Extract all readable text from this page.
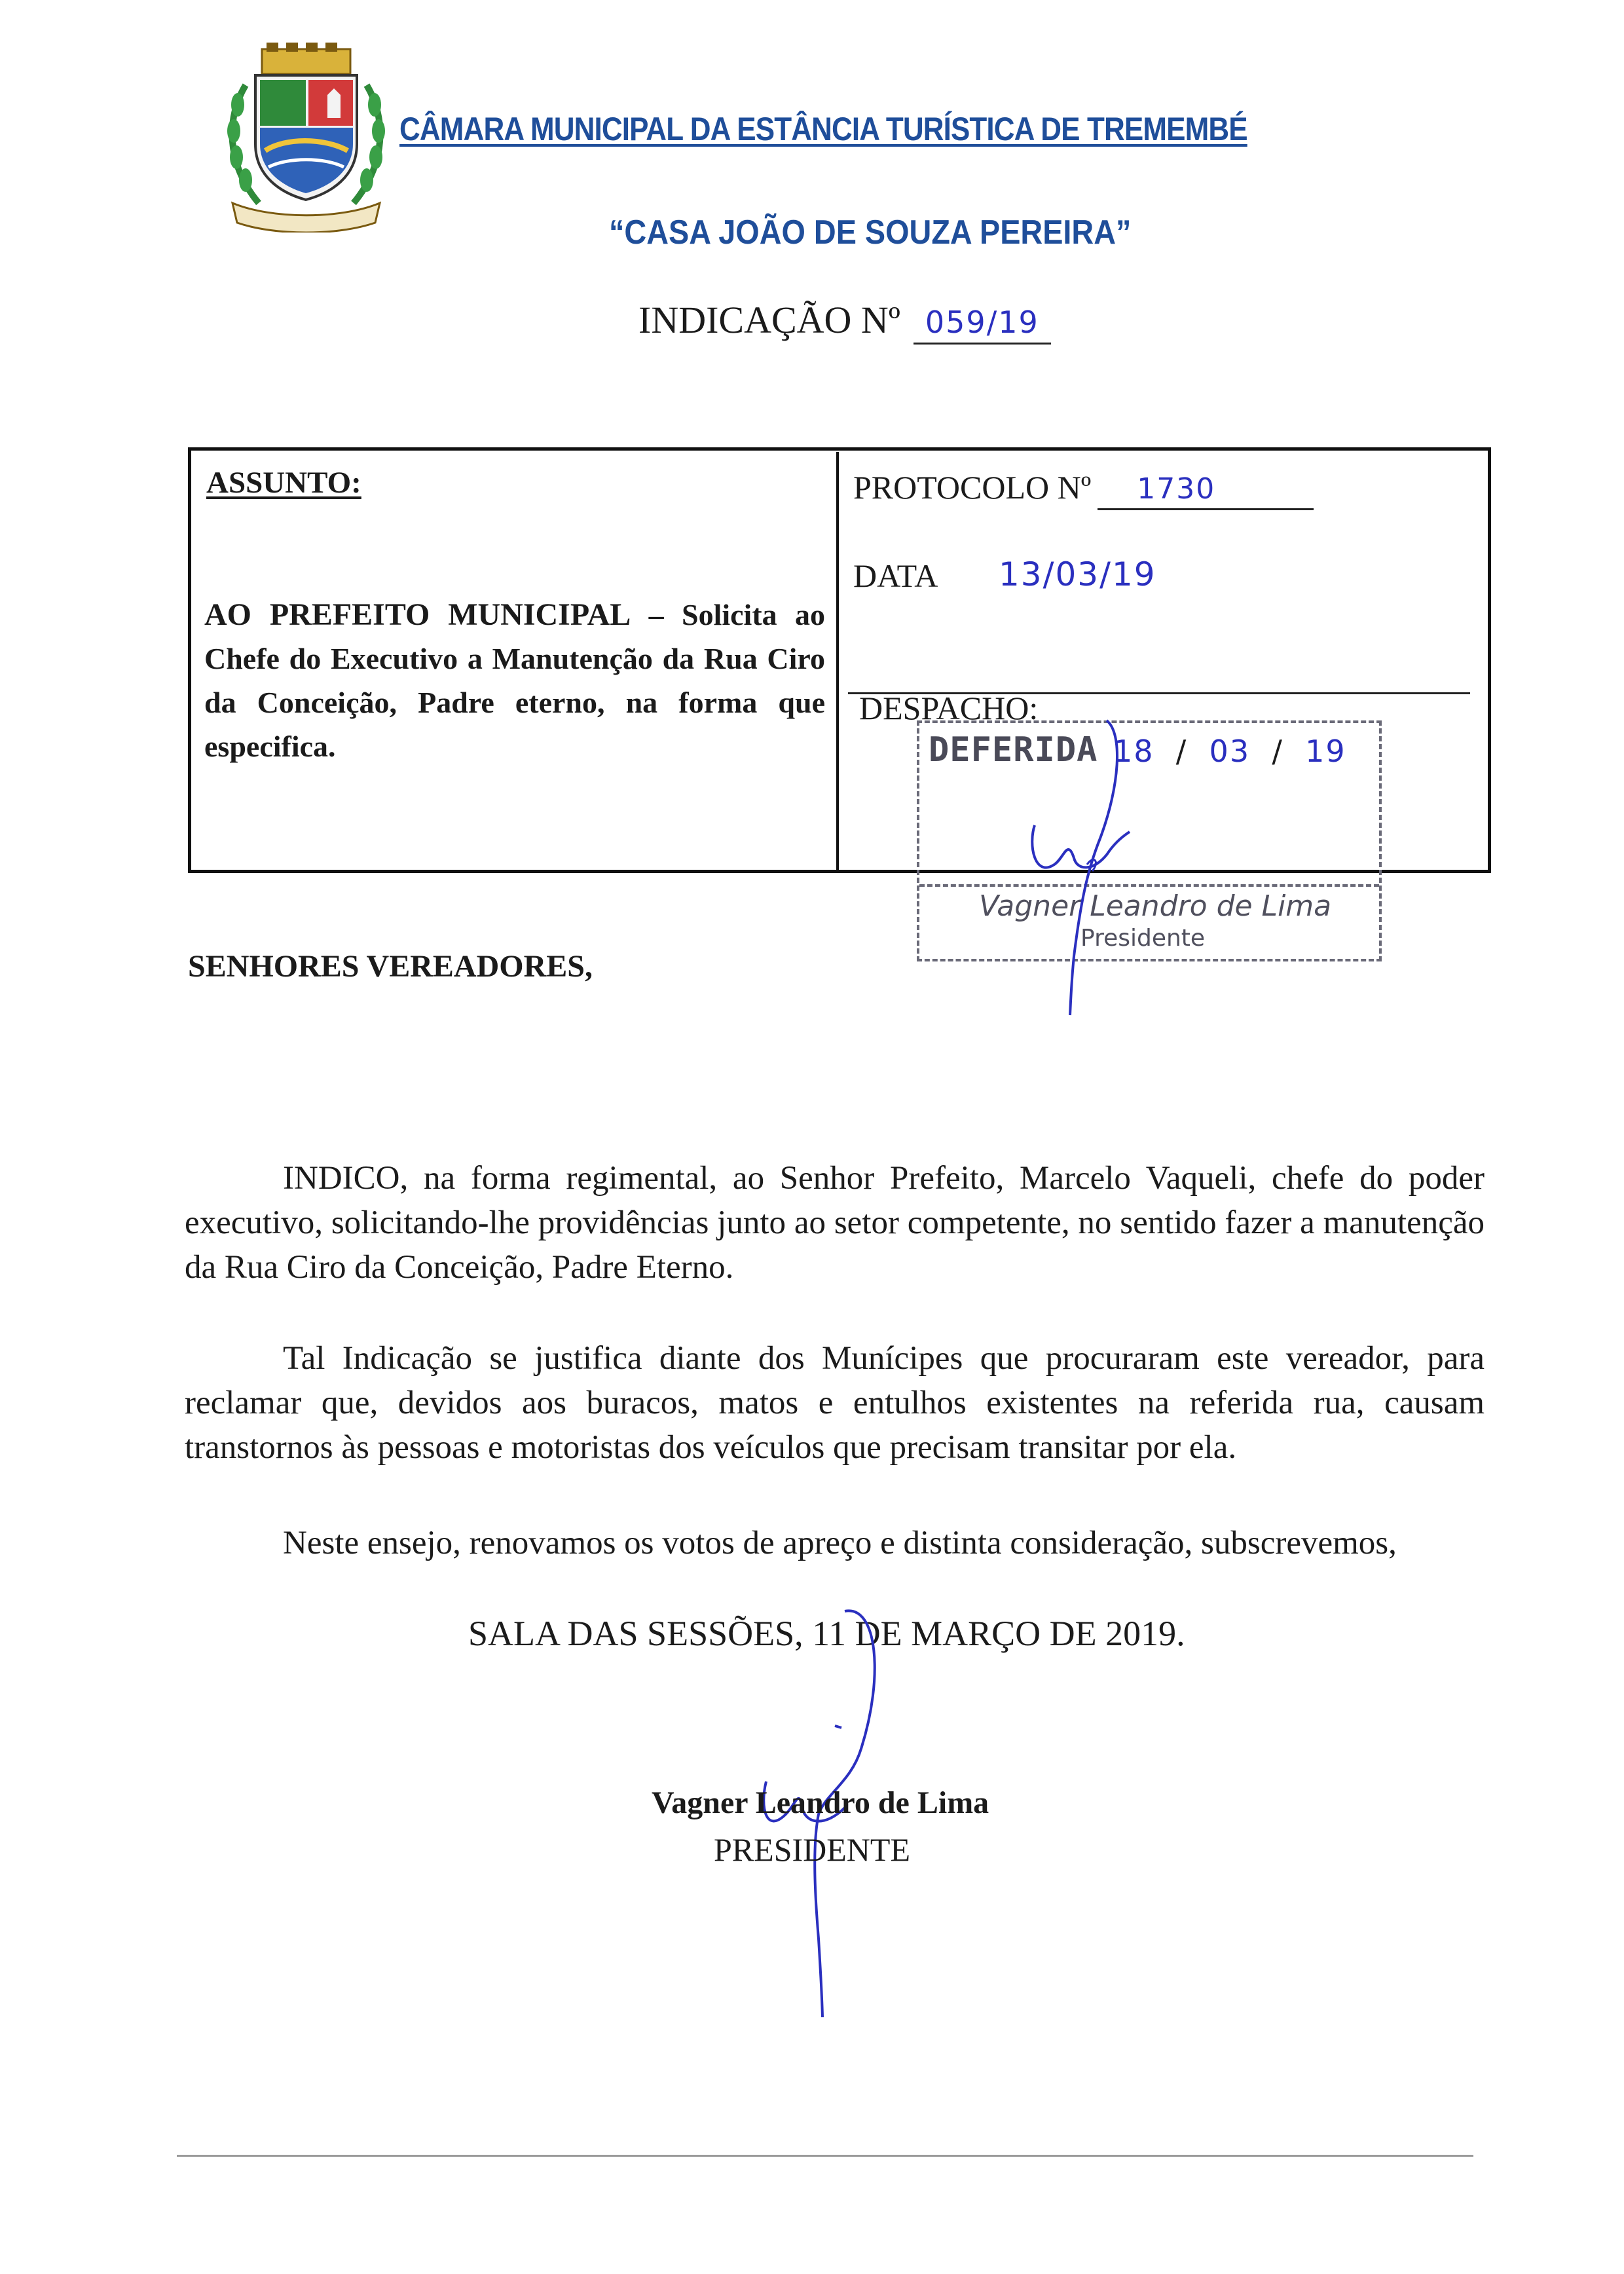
CÂMARA MUNICIPAL DA ESTÂNCIA TURÍSTICA DE TREMEMBÉ
“CASA JOÃO DE SOUZA PEREIRA”
INDICAÇÃO Nº 059/19
ASSUNTO:
AO PREFEITO MUNICIPAL – Solicita ao Chefe do Executivo a Manutenção da Rua Ciro da Conceição, Padre eterno, na forma que especifica.
PROTOCOLO Nº 1730
DATA 13/03/19
DESPACHO:
DEFERIDA 18  /  03  /  19
Vagner Leandro de Lima
Presidente
SENHORES VEREADORES,
INDICO, na forma regimental, ao Senhor Prefeito, Marcelo Vaqueli, chefe do poder executivo, solicitando-lhe providências junto ao setor competente, no sentido fazer a manutenção da Rua Ciro da Conceição, Padre Eterno.
Tal Indicação se justifica diante dos Munícipes que procuraram este vereador, para reclamar que, devidos aos buracos, matos e entulhos existentes na referida rua, causam transtornos às pessoas e motoristas dos veículos que precisam transitar por ela.
Neste ensejo, renovamos os votos de apreço e distinta consideração, subscrevemos,
SALA DAS SESSÕES, 11 DE MARÇO DE 2019.
Vagner Leandro de Lima
PRESIDENTE
